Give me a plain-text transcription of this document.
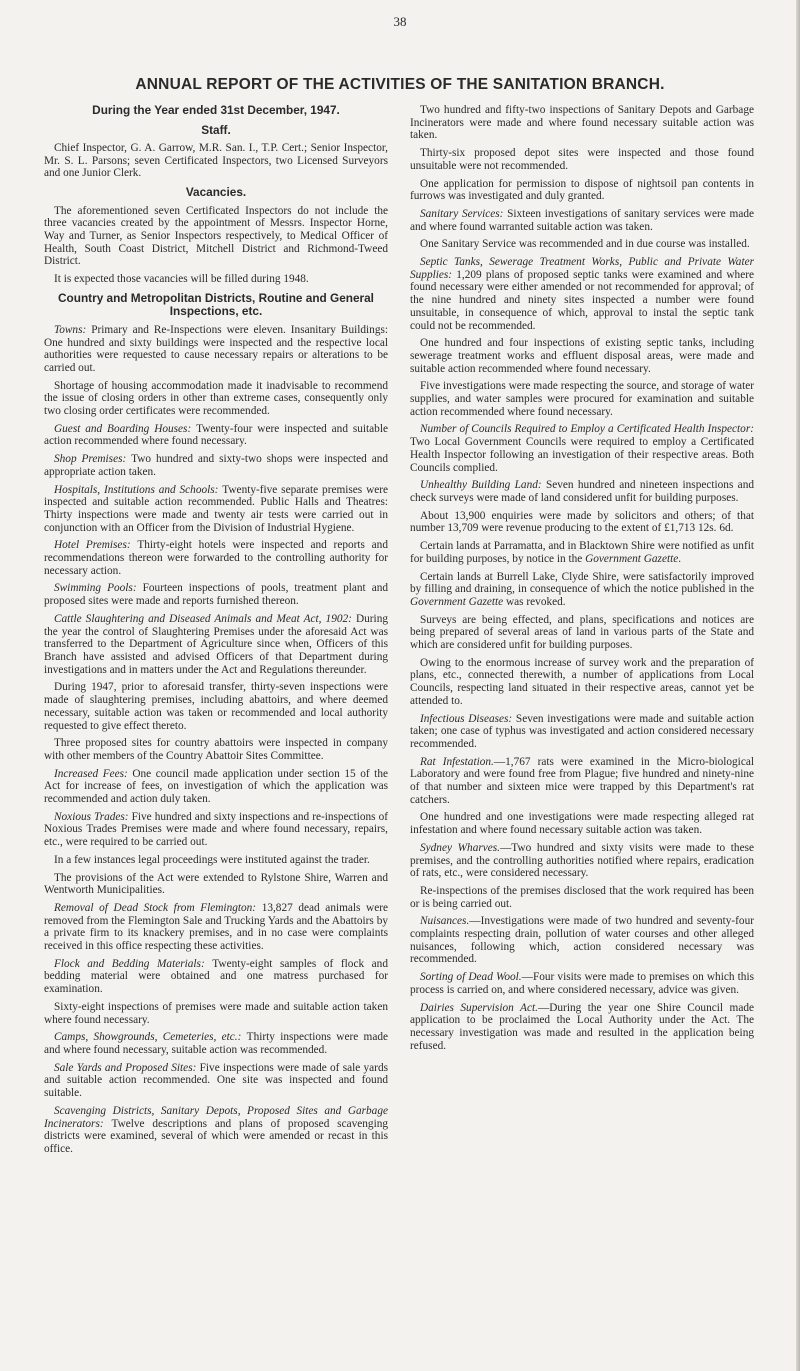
38

ANNUAL REPORT OF THE ACTIVITIES OF THE SANITATION BRANCH.
During the Year ended 31st December, 1947.
Staff.

Chief Inspector, G. A. Garrow, M.R. San. I., T.P. Cert.; Senior Inspector, Mr. S. L. Parsons; seven Certificated Inspectors, two Licensed Surveyors and one Junior Clerk.

Vacancies.

The aforementioned seven Certificated Inspectors do not include the three vacancies created by the appointment of Messrs. Inspector Horne, Way and Turner, as Senior Inspectors respectively, to Medical Officer of Health, South Coast District, Mitchell District and Richmond-Tweed District.

It is expected those vacancies will be filled during 1948.

Country and Metropolitan Districts, Routine and General Inspections, etc.

Towns: Primary and Re-Inspections were eleven. Insanitary Buildings: One hundred and sixty buildings were inspected and the respective local authorities were requested to cause necessary repairs or alterations to be carried out.

Shortage of housing accommodation made it inadvisable to recommend the issue of closing orders in other than extreme cases, consequently only two closing order certificates were recommended.

Guest and Boarding Houses: Twenty-four were inspected and suitable action recommended where found necessary.

Shop Premises: Two hundred and sixty-two shops were inspected and appropriate action taken.

Hospitals, Institutions and Schools: Twenty-five separate premises were inspected and suitable action recommended. Public Halls and Theatres: Thirty inspections were made and twenty air tests were carried out in conjunction with an Officer from the Division of Industrial Hygiene.

Hotel Premises: Thirty-eight hotels were inspected and reports and recommendations thereon were forwarded to the controlling authority for necessary action.

Swimming Pools: Fourteen inspections of pools, treatment plant and proposed sites were made and reports furnished thereon.

Cattle Slaughtering and Diseased Animals and Meat Act, 1902: During the year the control of Slaughtering Premises under the aforesaid Act was transferred to the Department of Agriculture since when, Officers of this Branch have assisted and advised Officers of that Department during investigations and in matters under the Act and Regulations thereunder.

During 1947, prior to aforesaid transfer, thirty-seven inspections were made of slaughtering premises, including abattoirs, and where deemed necessary, suitable action was taken or recommended and local authority requested to give effect thereto.

Three proposed sites for country abattoirs were inspected in company with other members of the Country Abattoir Sites Committee.

Increased Fees: One council made application under section 15 of the Act for increase of fees, on investigation of which the application was recommended and action duly taken.

Noxious Trades: Five hundred and sixty inspections and re-inspections of Noxious Trades Premises were made and where found necessary, repairs, etc., were required to be carried out.

In a few instances legal proceedings were instituted against the trader.

The provisions of the Act were extended to Rylstone Shire, Warren and Wentworth Municipalities.

Removal of Dead Stock from Flemington: 13,827 dead animals were removed from the Flemington Sale and Trucking Yards and the Abattoirs by a private firm to its knackery premises, and in no case were complaints received in this office respecting these activities.

Flock and Bedding Materials: Twenty-eight samples of flock and bedding material were obtained and one matress purchased for examination.

Sixty-eight inspections of premises were made and suitable action taken where found necessary.

Camps, Showgrounds, Cemeteries, etc.: Thirty inspections were made and where found necessary, suitable action was recommended.

Sale Yards and Proposed Sites: Five inspections were made of sale yards and suitable action recommended. One site was inspected and found suitable.

Scavenging Districts, Sanitary Depots, Proposed Sites and Garbage Incinerators: Twelve descriptions and plans of proposed scavenging districts were examined, several of which were amended or recast in this office.

Two hundred and fifty-two inspections of Sanitary Depots and Garbage Incinerators were made and where found necessary suitable action was taken.

Thirty-six proposed depot sites were inspected and those found unsuitable were not recommended.

One application for permission to dispose of nightsoil pan contents in furrows was investigated and duly granted.

Sanitary Services: Sixteen investigations of sanitary services were made and where found warranted suitable action was taken.

One Sanitary Service was recommended and in due course was installed.

Septic Tanks, Sewerage Treatment Works, Public and Private Water Supplies: 1,209 plans of proposed septic tanks were examined and where found necessary were either amended or not recommended for approval; of the nine hundred and ninety sites inspected a number were found unsuitable, in consequence of which, approval to instal the septic tank could not be recommended.

One hundred and four inspections of existing septic tanks, including sewerage treatment works and effluent disposal areas, were made and suitable action recommended where found necessary.

Five investigations were made respecting the source, and storage of water supplies, and water samples were procured for examination and suitable action recommended where found necessary.

Number of Councils Required to Employ a Certificated Health Inspector: Two Local Government Councils were required to employ a Certificated Health Inspector following an investigation of their respective areas. Both Councils complied.

Unhealthy Building Land: Seven hundred and nineteen inspections and check surveys were made of land considered unfit for building purposes.

About 13,900 enquiries were made by solicitors and others; of that number 13,709 were revenue producing to the extent of £1,713 12s. 6d.

Certain lands at Parramatta, and in Blacktown Shire were notified as unfit for building purposes, by notice in the Government Gazette.

Certain lands at Burrell Lake, Clyde Shire, were satisfactorily improved by filling and draining, in consequence of which the notice published in the Government Gazette was revoked.

Surveys are being effected, and plans, specifications and notices are being prepared of several areas of land in various parts of the State and which are considered unfit for building purposes.

Owing to the enormous increase of survey work and the preparation of plans, etc., connected therewith, a number of applications from Local Councils, respecting land situated in their respective areas, cannot yet be attended to.

Infectious Diseases: Seven investigations were made and suitable action taken; one case of typhus was investigated and action considered necessary recommended.

Rat Infestation.—1,767 rats were examined in the Micro-biological Laboratory and were found free from Plague; five hundred and ninety-nine of that number and sixteen mice were trapped by this Department's rat catchers.

One hundred and one investigations were made respecting alleged rat infestation and where found necessary suitable action was taken.

Sydney Wharves.—Two hundred and sixty visits were made to these premises, and the controlling authorities notified where repairs, eradication of rats, etc., were considered necessary.

Re-inspections of the premises disclosed that the work required has been or is being carried out.

Nuisances.—Investigations were made of two hundred and seventy-four complaints respecting drain, pollution of water courses and other alleged nuisances, following which, action considered necessary was recommended.

Sorting of Dead Wool.—Four visits were made to premises on which this process is carried on, and where considered necessary, advice was given.

Dairies Supervision Act.—During the year one Shire Council made application to be proclaimed the Local Authority under the Act. The necessary investigation was made and resulted in the application being refused.
